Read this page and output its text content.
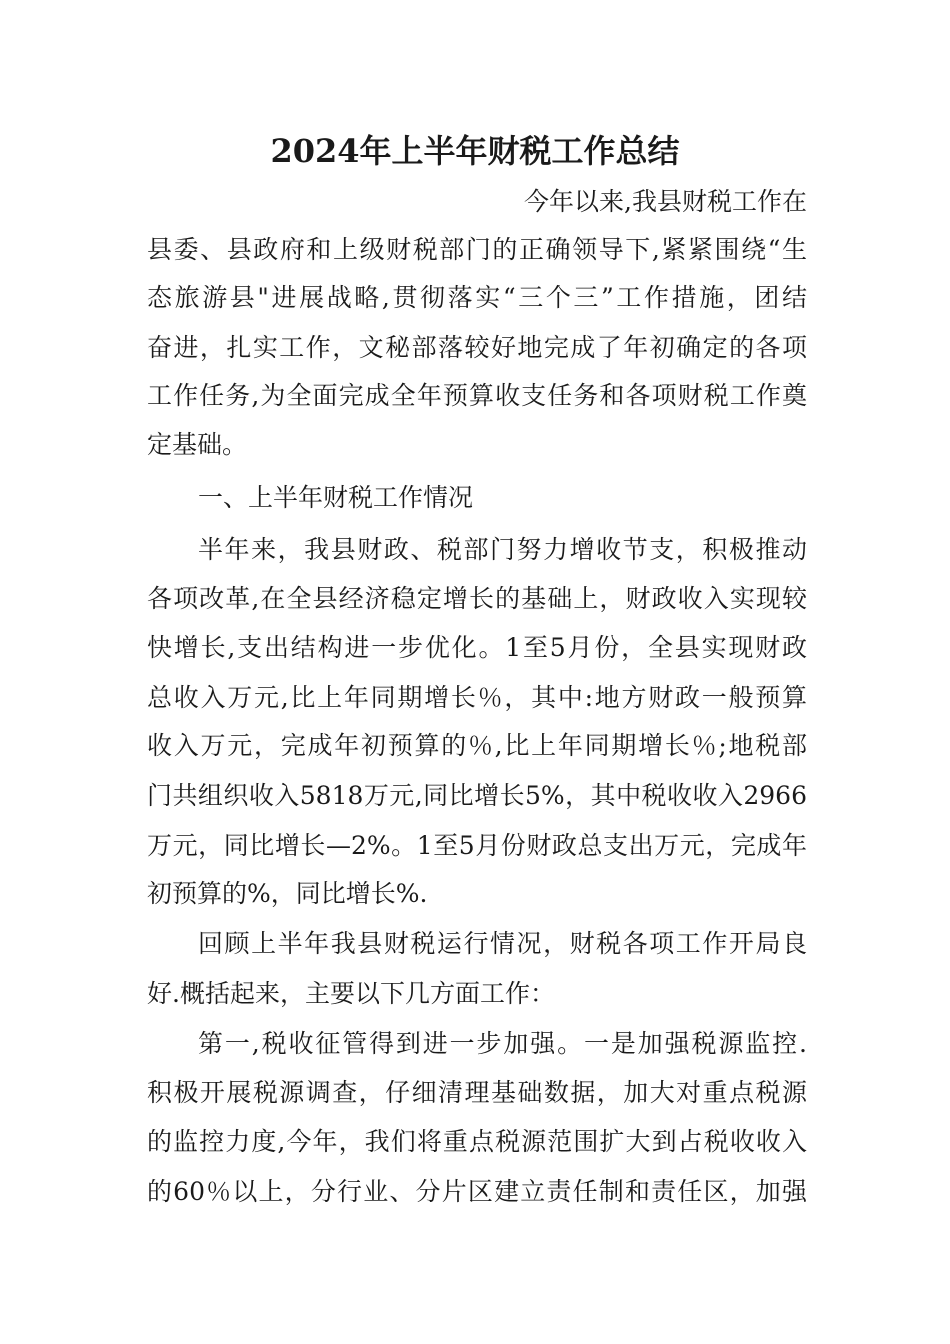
2024年上半年财税工作总结
今年以来,我县财税工作在
县委、县政府和上级财税部门的正确领导下,紧紧围绕“生
态旅游县"进展战略,贯彻落实“三个三”工作措施，团结
奋进，扎实工作，文秘部落较好地完成了年初确定的各项
工作任务,为全面完成全年预算收支任务和各项财税工作奠
定基础。
一、上半年财税工作情况
半年来，我县财政、税部门努力增收节支，积极推动
各项改革,在全县经济稳定增长的基础上，财政收入实现较
快增长,支出结构进一步优化。1至5月份，全县实现财政
总收入万元,比上年同期增长％，其中:地方财政一般预算
收入万元，完成年初预算的％,比上年同期增长％;地税部
门共组织收入5818万元,同比增长5%，其中税收收入2966
万元，同比增长—2%。1至5月份财政总支出万元，完成年
初预算的%，同比增长%.
回顾上半年我县财税运行情况，财税各项工作开局良
好.概括起来，主要以下几方面工作：
第一,税收征管得到进一步加强。一是加强税源监控.
积极开展税源调查，仔细清理基础数据，加大对重点税源
的监控力度,今年，我们将重点税源范围扩大到占税收收入
的60％以上，分行业、分片区建立责任制和责任区，加强
